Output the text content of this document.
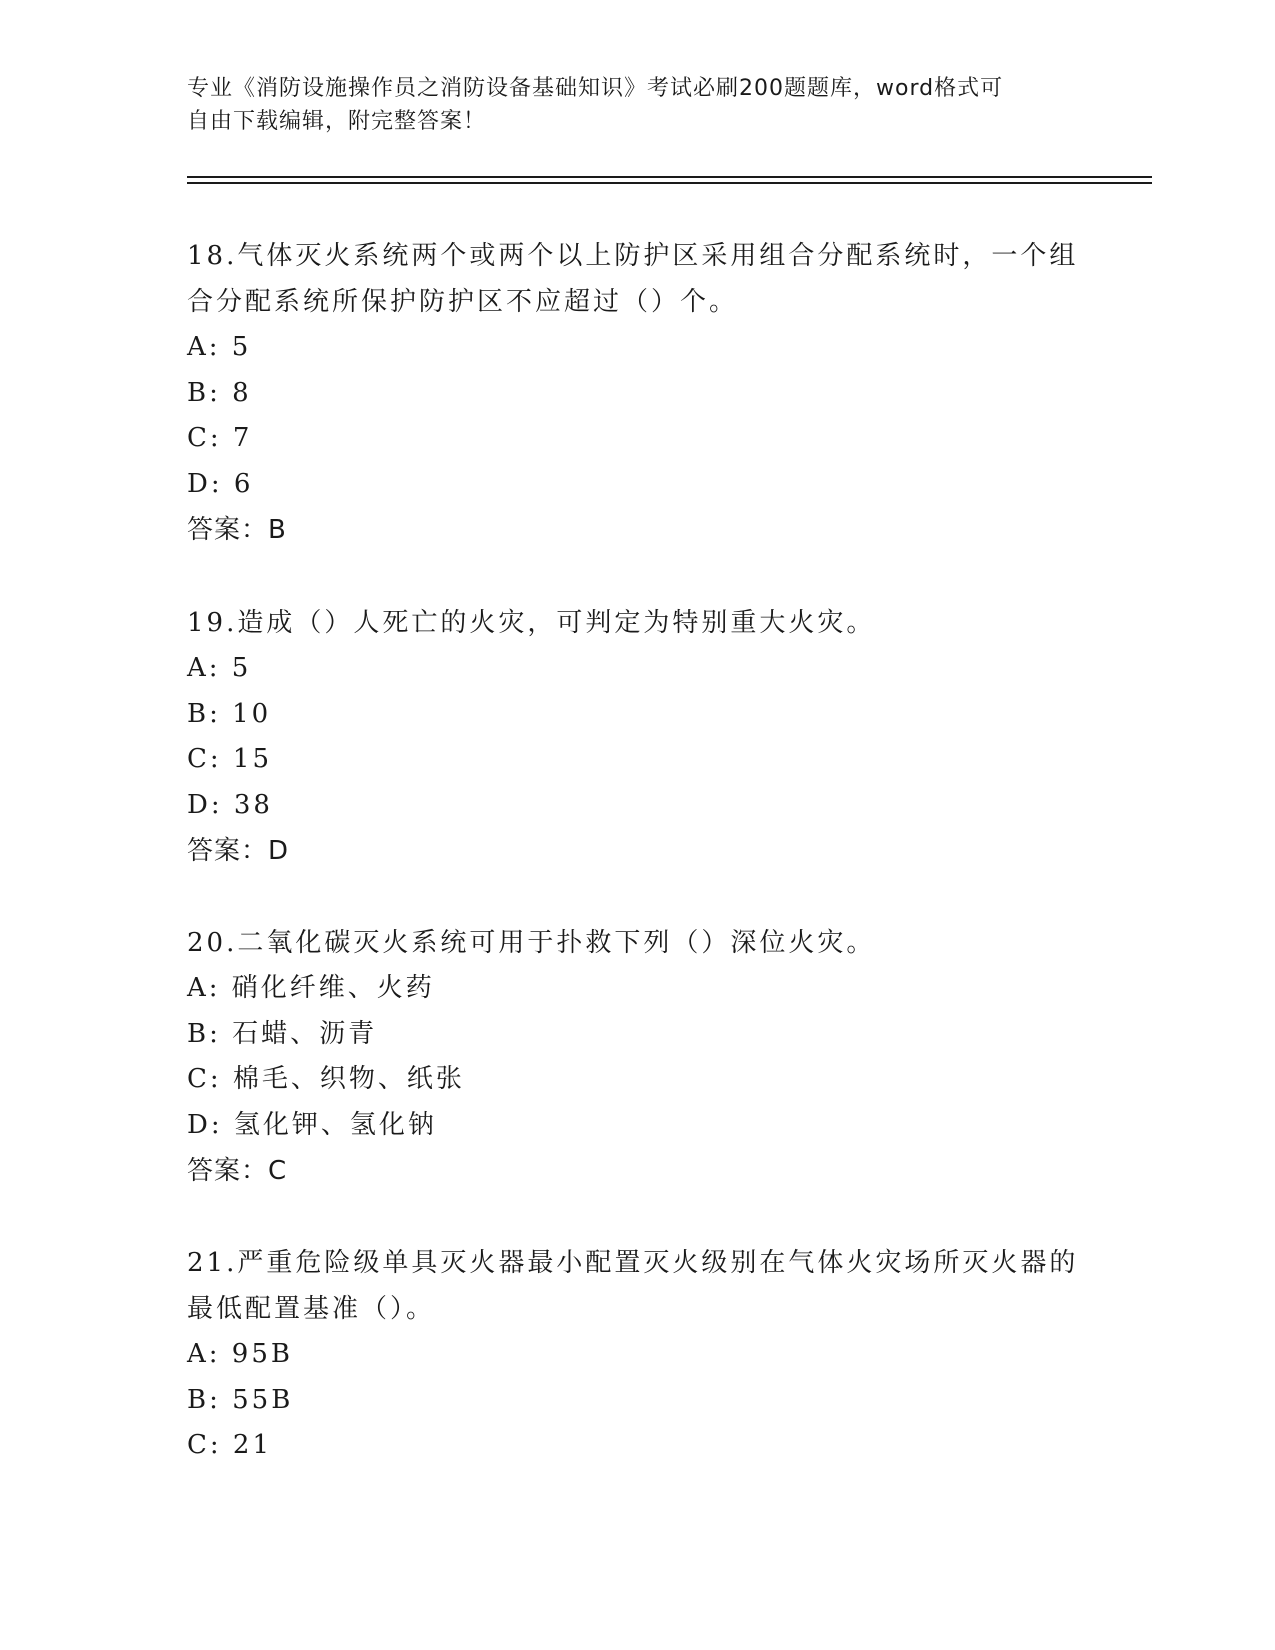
专业《消防设施操作员之消防设备基础知识》考试必刷200题题库，word格式可
自由下载编辑，附完整答案！
18.气体灭火系统两个或两个以上防护区采用组合分配系统时，一个组
合分配系统所保护防护区不应超过（）个。
A: 5
B: 8
C: 7
D: 6
答案：B
19.造成（）人死亡的火灾，可判定为特别重大火灾。
A: 5
B: 10
C: 15
D: 38
答案：D
20.二氧化碳灭火系统可用于扑救下列（）深位火灾。
A: 硝化纤维、火药
B: 石蜡、沥青
C: 棉毛、织物、纸张
D: 氢化钾、氢化钠
答案：C
21.严重危险级单具灭火器最小配置灭火级别在气体火灾场所灭火器的
最低配置基准（）。
A: 95B
B: 55B
C: 21
